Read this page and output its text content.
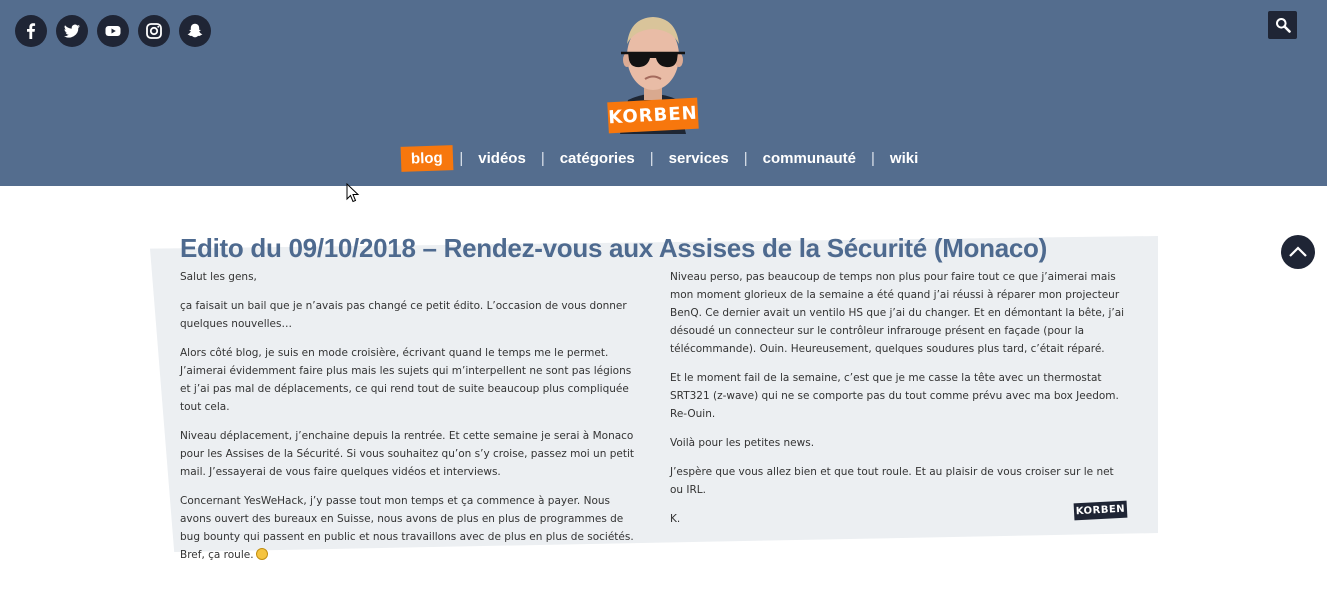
KORBEN
blog	|	vidéos	|	catégories	|	services	|	communauté	|	wiki
Edito du 09/10/2018 – Rendez-vous aux Assises de la Sécurité (Monaco)

Salut les gens,

ça faisait un bail que je n’avais pas changé ce petit édito. L’occasion de vous donner quelques nouvelles…

Alors côté blog, je suis en mode croisière, écrivant quand le temps me le permet. J’aimerai évidemment faire plus mais les sujets qui m’interpellent ne sont pas légions et j’ai pas mal de déplacements, ce qui rend tout de suite beaucoup plus compliquée tout cela.

Niveau déplacement, j’enchaine depuis la rentrée. Et cette semaine je serai à Monaco pour les Assises de la Sécurité. Si vous souhaitez qu’on s’y croise, passez moi un petit mail. J’essayerai de vous faire quelques vidéos et interviews.

Concernant YesWeHack, j’y passe tout mon temps et ça commence à payer. Nous avons ouvert des bureaux en Suisse, nous avons de plus en plus de programmes de bug bounty qui passent en public et nous travaillons avec de plus en plus de sociétés. Bref, ça roule.

Niveau perso, pas beaucoup de temps non plus pour faire tout ce que j’aimerai mais mon moment glorieux de la semaine a été quand j’ai réussi à réparer mon projecteur BenQ. Ce dernier avait un ventilo HS que j’ai du changer. Et en démontant la bête, j’ai désoudé un connecteur sur le contrôleur infrarouge présent en façade (pour la télécommande). Ouin. Heureusement, quelques soudures plus tard, c’était réparé.

Et le moment fail de la semaine, c’est que je me casse la tête avec un thermostat SRT321 (z-wave) qui ne se comporte pas du tout comme prévu avec ma box Jeedom. Re-Ouin.

Voilà pour les petites news.

J’espère que vous allez bien et que tout roule. Et au plaisir de vous croiser sur le net ou IRL.

K.

KORBEN
